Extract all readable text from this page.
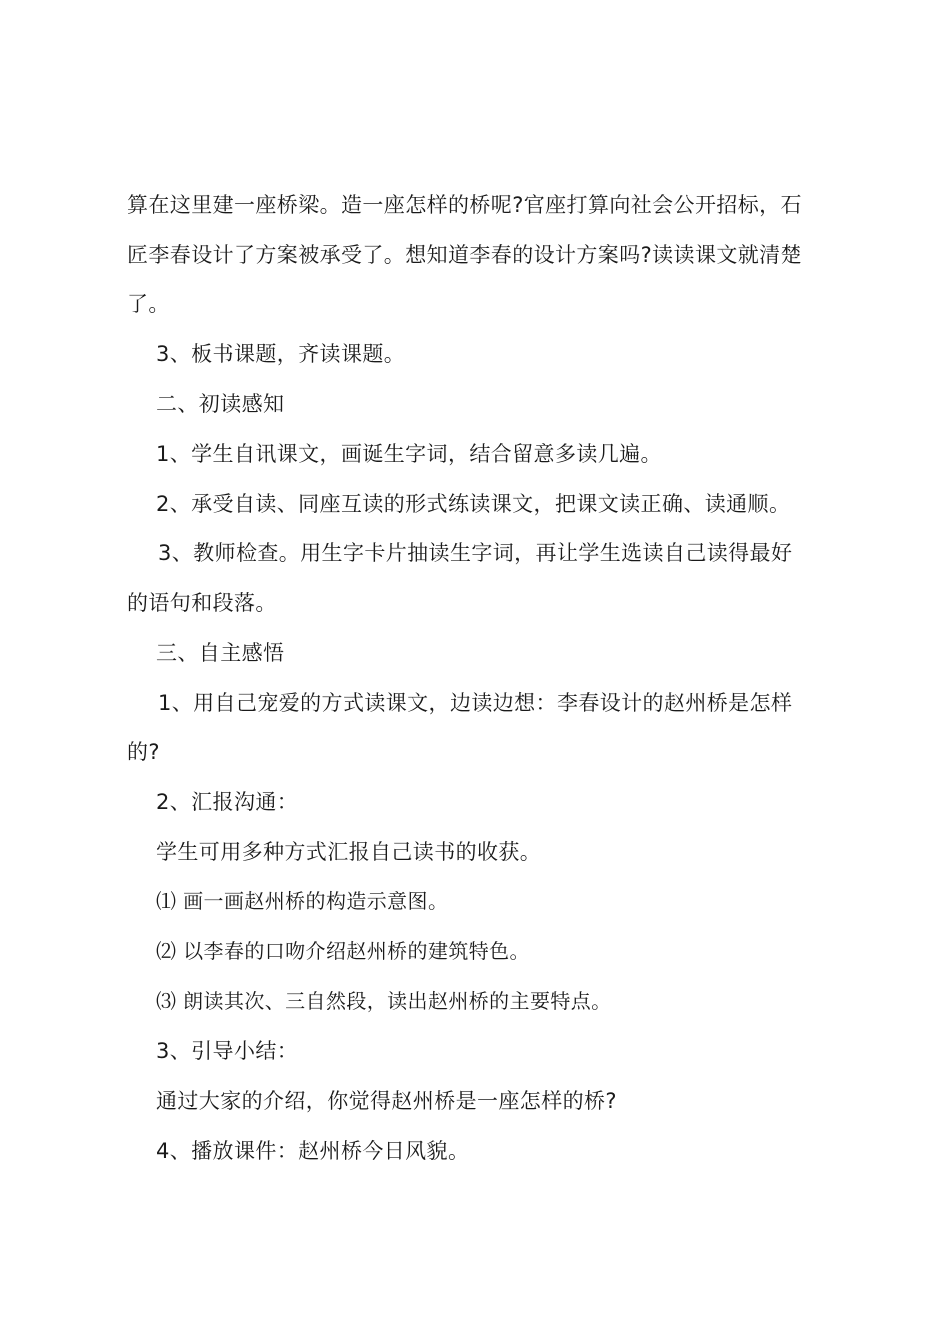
算在这里建一座桥梁。造一座怎样的桥呢?官座打算向社会公开招标，石
匠李春设计了方案被承受了。想知道李春的设计方案吗?读读课文就清楚
了。
3、板书课题，齐读课题。
二、初读感知
1、学生自讯课文，画诞生字词，结合留意多读几遍。
2、承受自读、同座互读的形式练读课文，把课文读正确、读通顺。
3、教师检查。用生字卡片抽读生字词，再让学生选读自己读得最好
的语句和段落。
三、自主感悟
1、用自己宠爱的方式读课文，边读边想：李春设计的赵州桥是怎样
的?
2、汇报沟通：
学生可用多种方式汇报自己读书的收获。
⑴ 画一画赵州桥的构造示意图。
⑵ 以李春的口吻介绍赵州桥的建筑特色。
⑶ 朗读其次、三自然段，读出赵州桥的主要特点。
3、引导小结：
通过大家的介绍，你觉得赵州桥是一座怎样的桥?
4、播放课件：赵州桥今日风貌。
